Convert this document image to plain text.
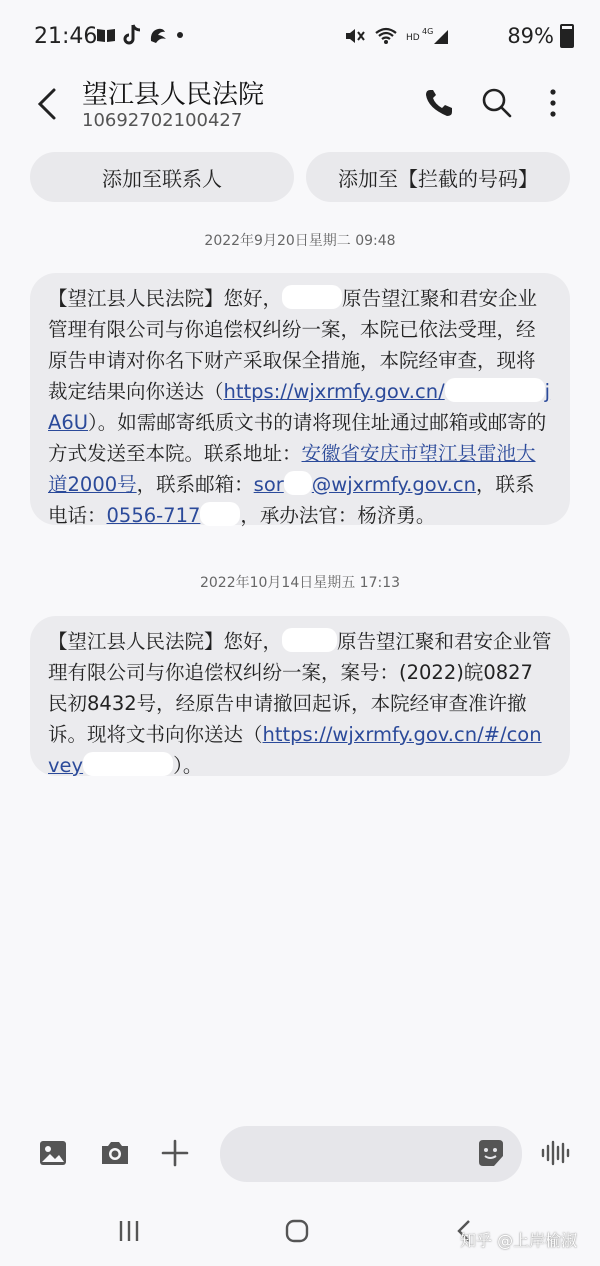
21:46	HD
4G	89%
望江县人民法院
10692702100427
添加至联系人	添加至【拦截的号码】
2022年9月20日星期二 09:48
【望江县人民法院】您好，	原告望江聚和君安企业管理有限公司与你追偿权纠纷一案，本院已依法受理，经原告申请对你名下财产采取保全措施，本院经审查，现将裁定结果向你送达（https://wjxrmfy.gov.cn/	jA6U）。如需邮寄纸质文书的请将现住址通过邮箱或邮寄的方式发送至本院。联系地址：安徽省安庆市望江县雷池大道2000号，联系邮箱：sor @wjxrmfy.gov.cn，联系电话：0556-717 ，承办法官：杨济勇。
2022年10月14日星期五 17:13
【望江县人民法院】您好，	原告望江聚和君安企业管理有限公司与你追偿权纠纷一案，案号：(2022)皖0827民初8432号，经原告申请撤回起诉，本院经审查准许撤诉。现将文书向你送达（https://wjxrmfy.gov.cn/#/convey	）。
知乎 @上岸榆淑
